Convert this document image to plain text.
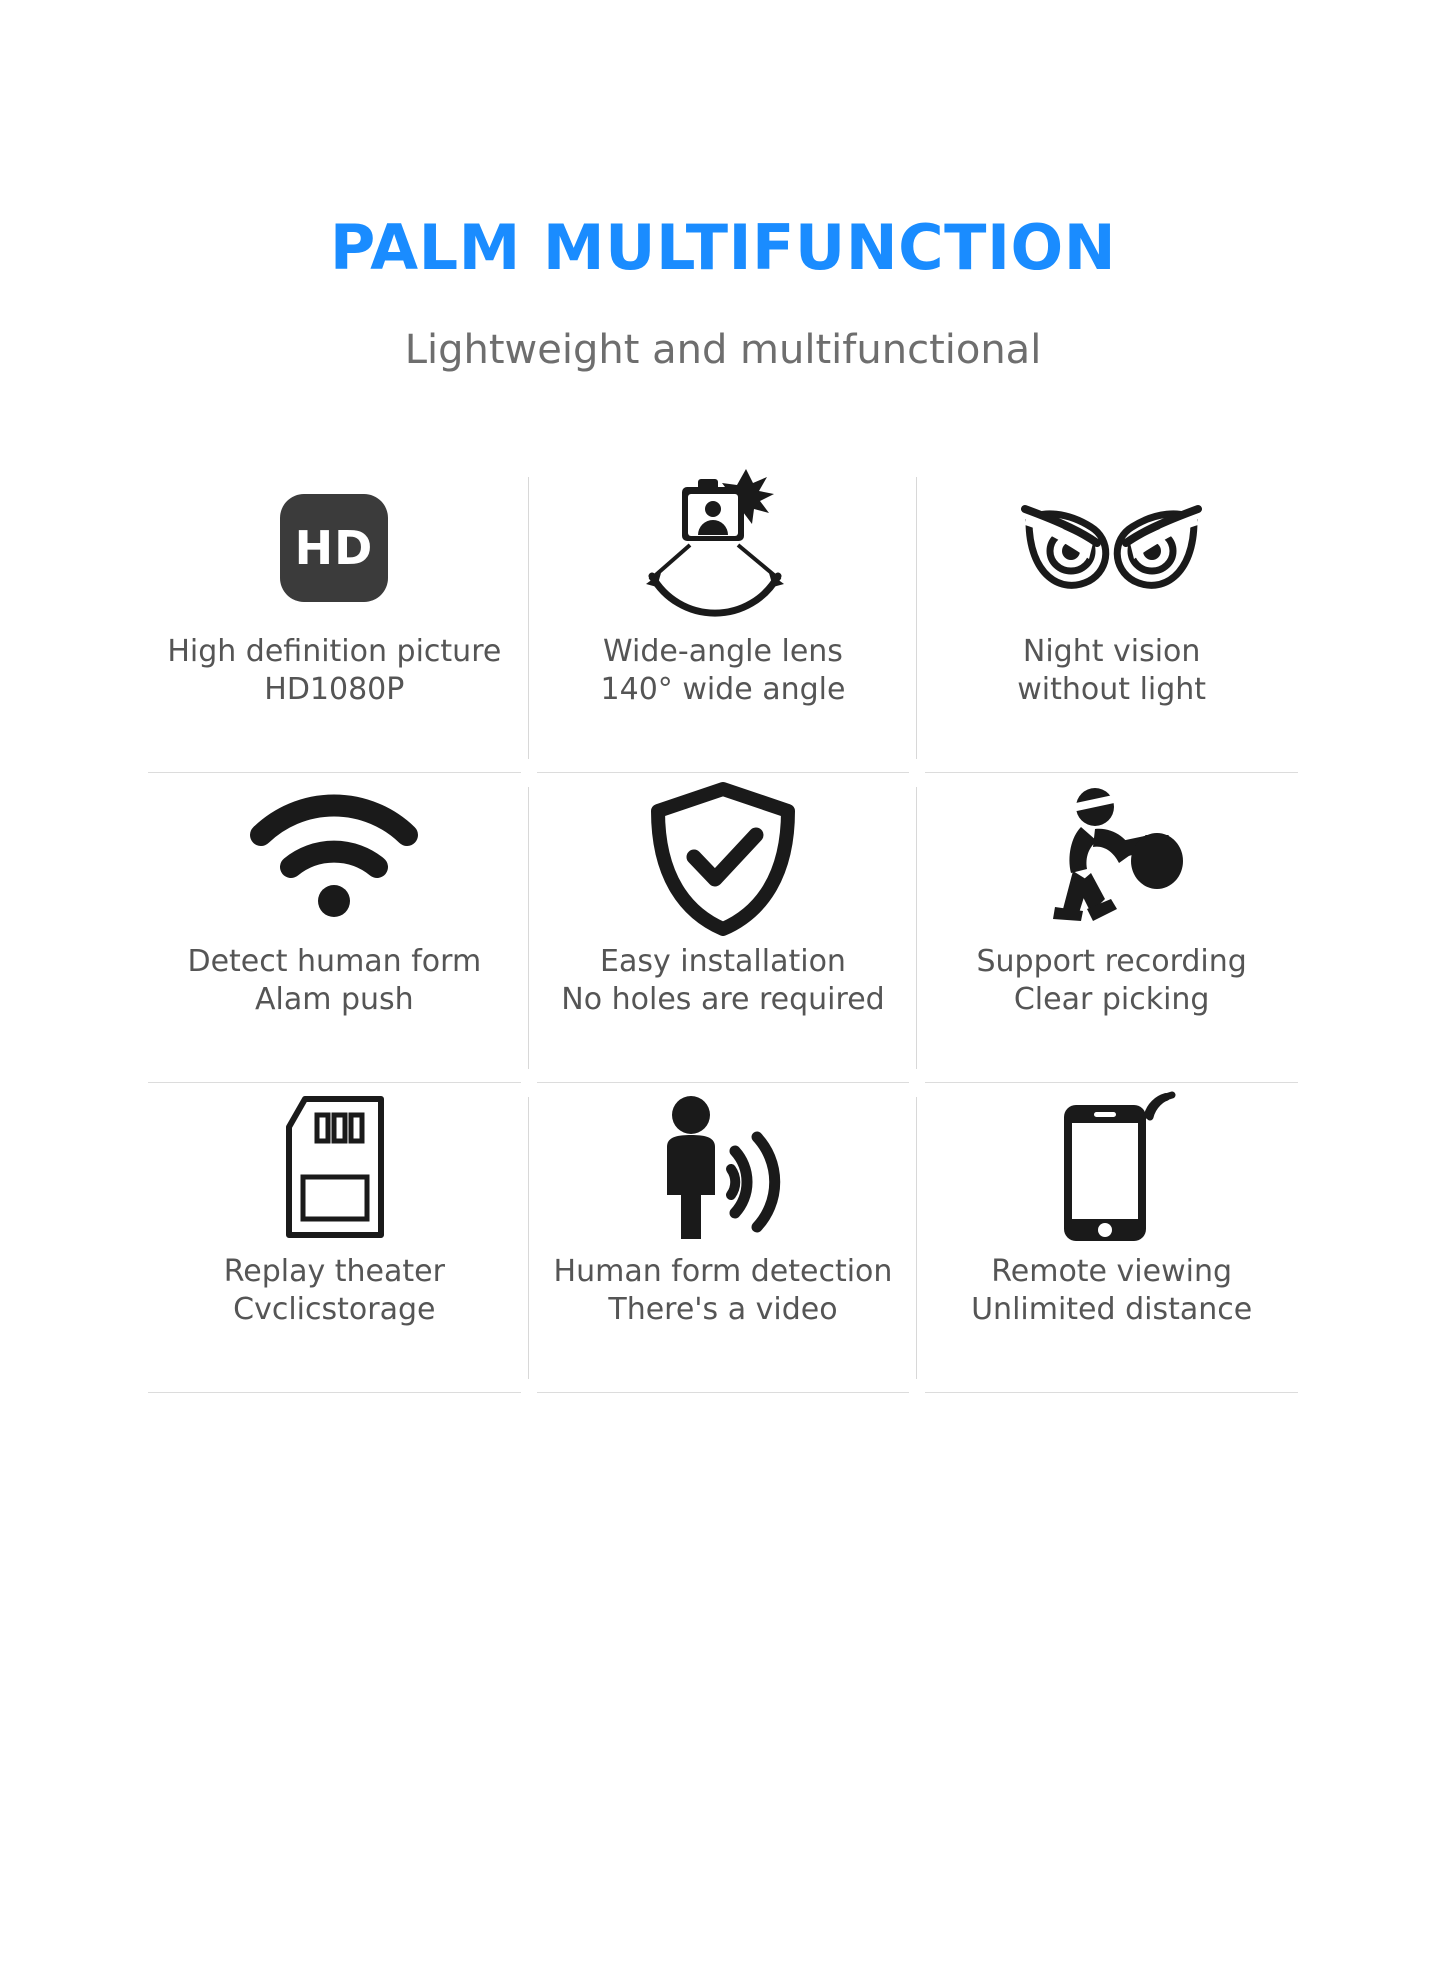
PALM MULTIFUNCTION
Lightweight and multifunctional
HD
High definition picture
HD1080P
Wide-angle lens
140° wide angle
Night vision
without light
Detect human form
Alam push
Easy installation
No holes are required
Support recording
Clear picking
Replay theater
Cvclicstorage
Human form detection
There's a video
Remote viewing
Unlimited distance
